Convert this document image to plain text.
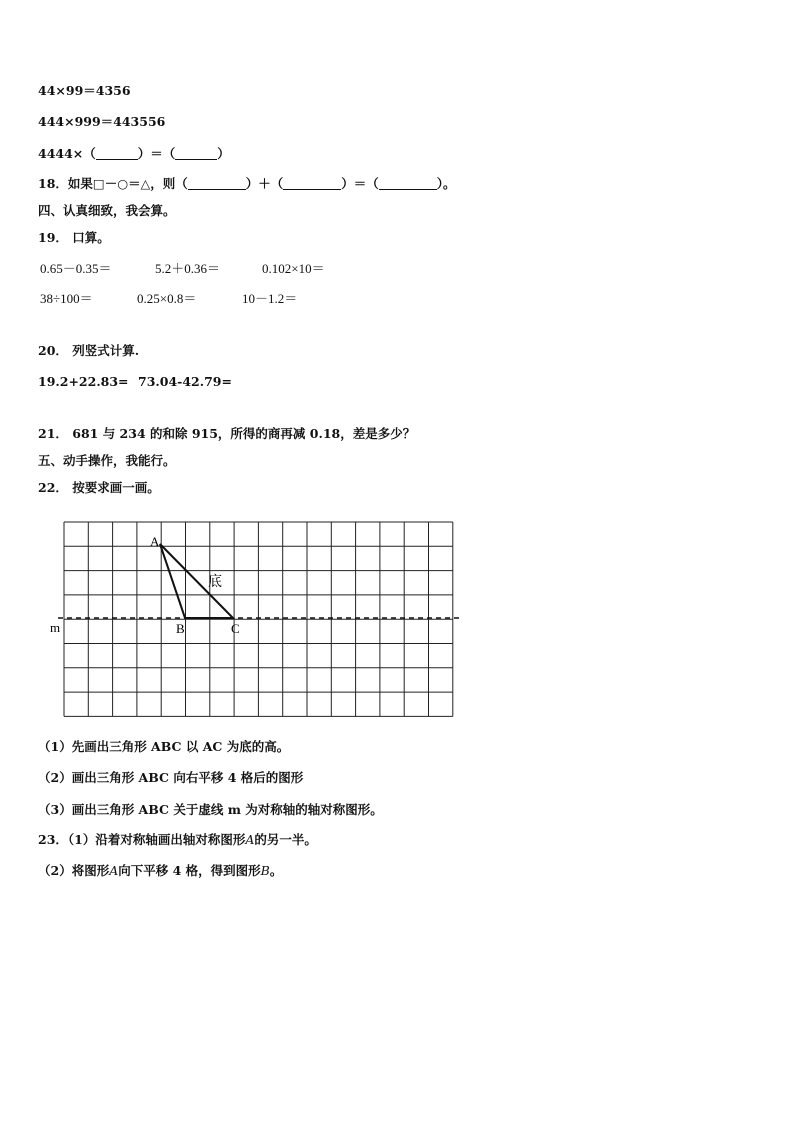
44×99＝4356
444×999＝443556
4444×（	）＝（	）
18．如果□－○＝△，则（	）＋（	）＝（	）。
四、认真细致，我会算。
19． 口算。
0.65－0.35＝	5.2＋0.36＝	0.102×10＝
38÷100＝	0.25×0.8＝	10－1.2＝
20． 列竖式计算.
19.2+22.83= 73.04-42.79=
21． 681 与 234 的和除 915，所得的商再减 0.18，差是多少？
五、动手操作，我能行。
22． 按要求画一画。
A
B	C
底
m
（1）先画出三角形 ABC 以 AC 为底的高。
（2）画出三角形 ABC 向右平移 4 格后的图形
（3）画出三角形 ABC 关于虚线 m 为对称轴的轴对称图形。
23．（1）沿着对称轴画出轴对称图形A的另一半。
（2）将图形A向下平移 4 格，得到图形B。
